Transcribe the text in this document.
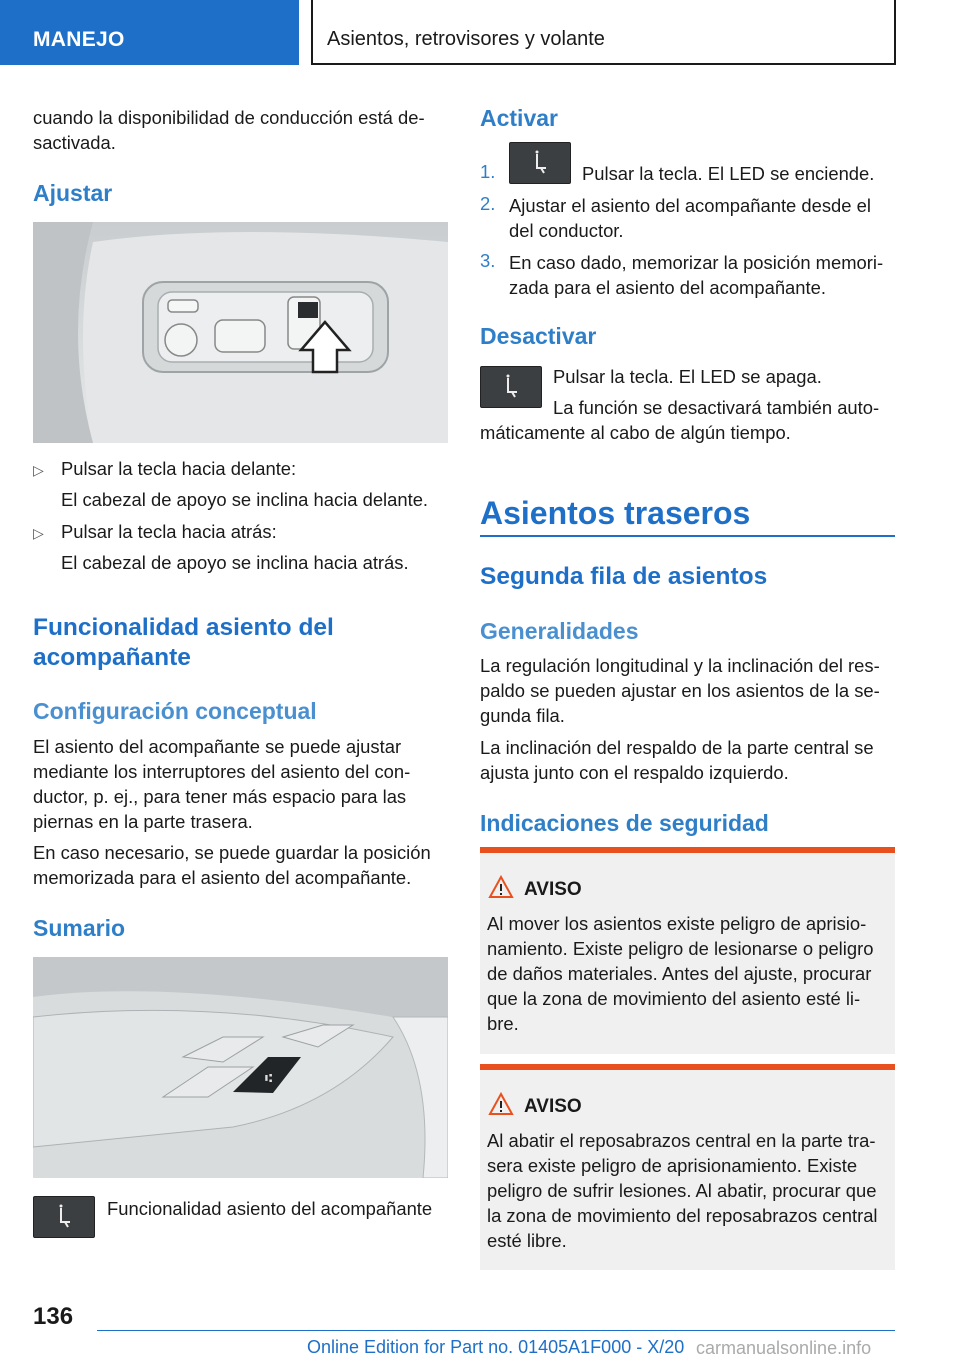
MANEJO	Asientos, retrovisores y volante
cuando la disponibilidad de conducción está de-
sactivada.
Ajustar
▷ Pulsar la tecla hacia delante:
El cabezal de apoyo se inclina hacia delante.
▷ Pulsar la tecla hacia atrás:
El cabezal de apoyo se inclina hacia atrás.
Funcionalidad asiento del
acompañante
Configuración conceptual
El asiento del acompañante se puede ajustar
mediante los interruptores del asiento del con-
ductor, p. ej., para tener más espacio para las
piernas en la parte trasera.
En caso necesario, se puede guardar la posición
memorizada para el asiento del acompañante.
Sumario
⑆
Funcionalidad asiento del acompañante
Activar
1.	Pulsar la tecla. El LED se enciende.
2. Ajustar el asiento del acompañante desde el
del conductor.
3. En caso dado, memorizar la posición memori-
zada para el asiento del acompañante.
Desactivar
Pulsar la tecla. El LED se apaga.
La función se desactivará también auto-
máticamente al cabo de algún tiempo.
Asientos traseros
Segunda fila de asientos
Generalidades
La regulación longitudinal y la inclinación del res-
paldo se pueden ajustar en los asientos de la se-
gunda fila.
La inclinación del respaldo de la parte central se
ajusta junto con el respaldo izquierdo.
Indicaciones de seguridad
AVISO
Al mover los asientos existe peligro de aprisio-
namiento. Existe peligro de lesionarse o peligro
de daños materiales. Antes del ajuste, procurar
que la zona de movimiento del asiento esté li-
bre.
AVISO
Al abatir el reposabrazos central en la parte tra-
sera existe peligro de aprisionamiento. Existe
peligro de sufrir lesiones. Al abatir, procurar que
la zona de movimiento del reposabrazos central
esté libre.
136
Online Edition for Part no. 01405A1F000 - X/20 carmanualsonline.info
